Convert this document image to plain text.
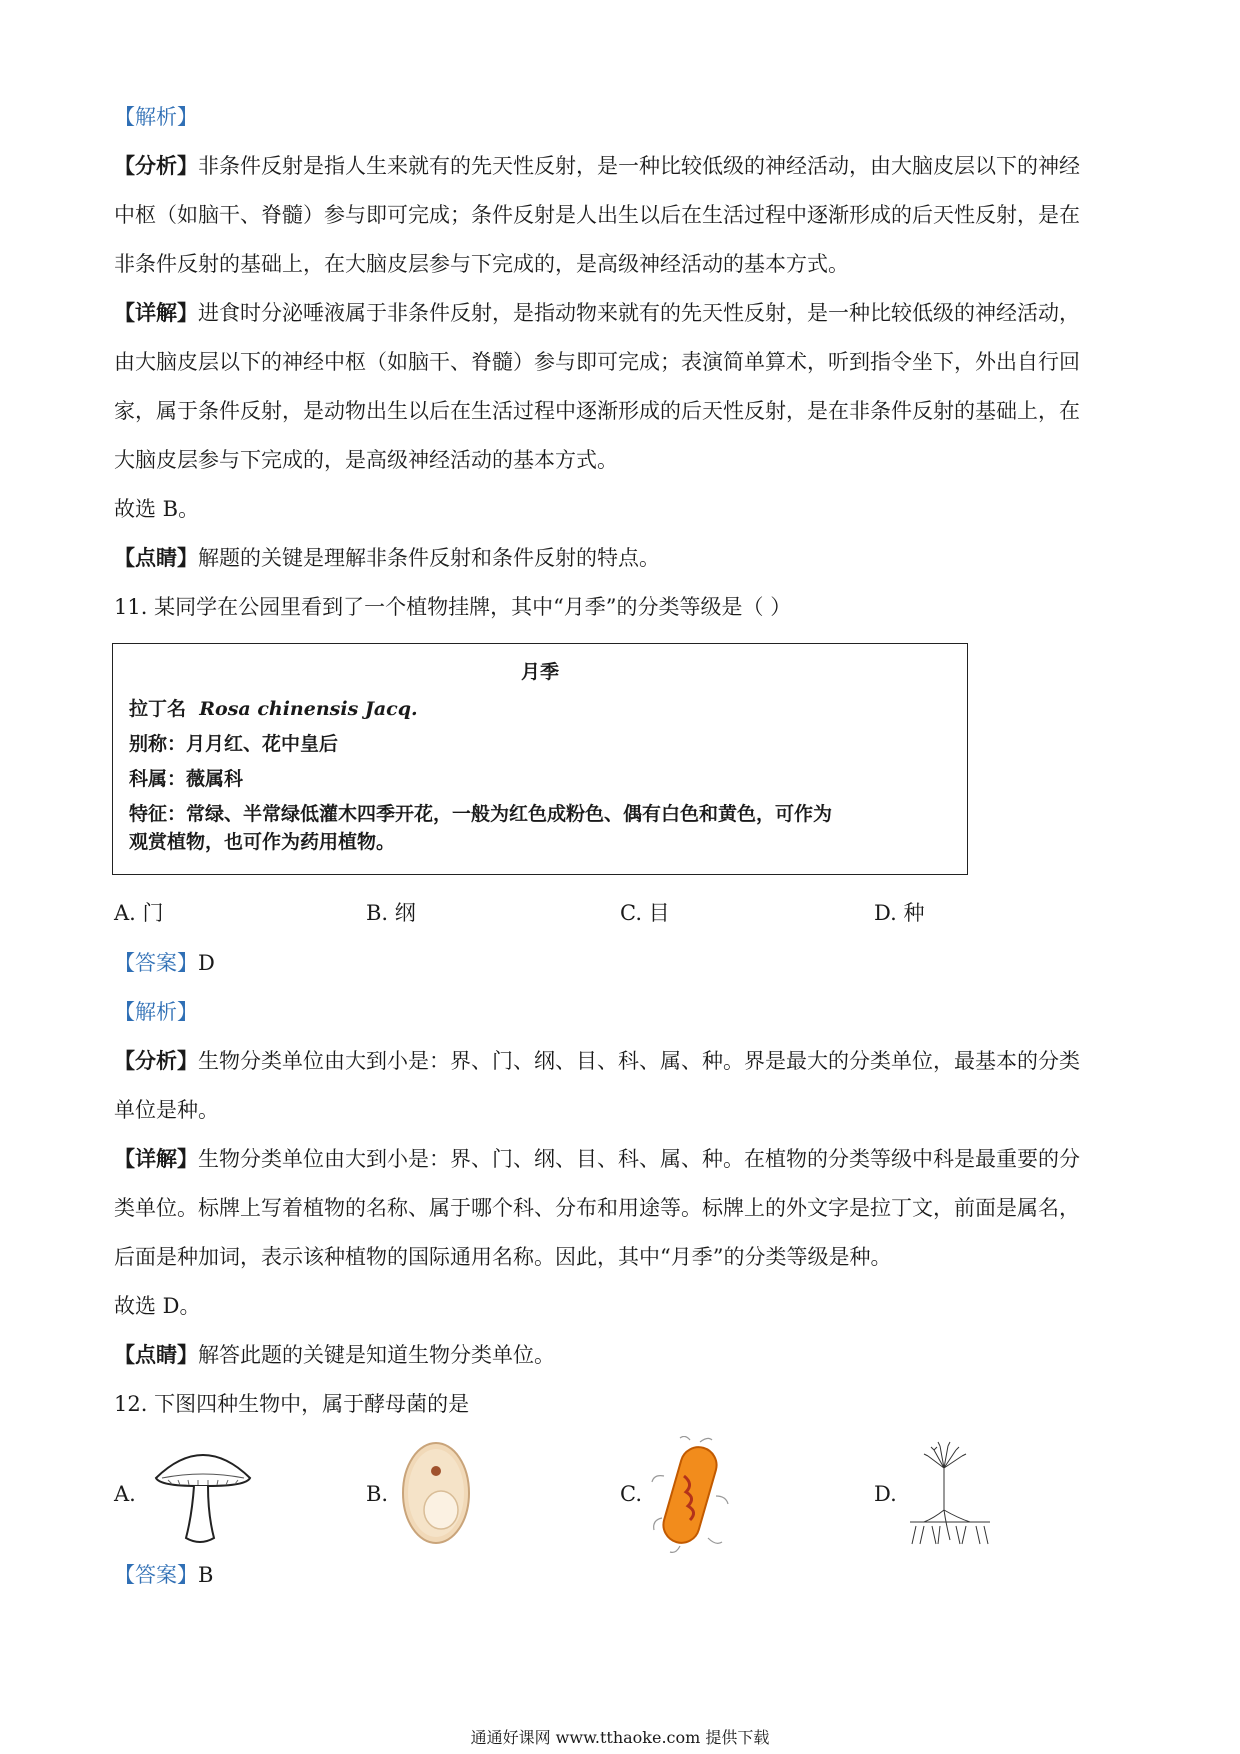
【解析】
【分析】非条件反射是指人生来就有的先天性反射，是一种比较低级的神经活动，由大脑皮层以下的神经
中枢（如脑干、脊髓）参与即可完成；条件反射是人出生以后在生活过程中逐渐形成的后天性反射，是在
非条件反射的基础上，在大脑皮层参与下完成的，是高级神经活动的基本方式。
【详解】进食时分泌唾液属于非条件反射，是指动物来就有的先天性反射，是一种比较低级的神经活动，
由大脑皮层以下的神经中枢（如脑干、脊髓）参与即可完成；表演简单算术，听到指令坐下，外出自行回
家，属于条件反射，是动物出生以后在生活过程中逐渐形成的后天性反射，是在非条件反射的基础上，在
大脑皮层参与下完成的，是高级神经活动的基本方式。
故选 B。
【点睛】解题的关键是理解非条件反射和条件反射的特点。
11. 某同学在公园里看到了一个植物挂牌，其中“月季”的分类等级是（ ）
月季
拉丁名 Rosa chinensis Jacq.
别称：月月红、花中皇后
科属：薇属科
特征：常绿、半常绿低灌木四季开花，一般为红色成粉色、偶有白色和黄色，可作为
观赏植物，也可作为药用植物。
A. 门	B. 纲	C. 目	D. 种
【答案】D
【解析】
【分析】生物分类单位由大到小是：界、门、纲、目、科、属、种。界是最大的分类单位，最基本的分类
单位是种。
【详解】生物分类单位由大到小是：界、门、纲、目、科、属、种。在植物的分类等级中科是最重要的分
类单位。标牌上写着植物的名称、属于哪个科、分布和用途等。标牌上的外文字是拉丁文，前面是属名，
后面是种加词，表示该种植物的国际通用名称。因此，其中“月季”的分类等级是种。
故选 D。
【点睛】解答此题的关键是知道生物分类单位。
12. 下图四种生物中，属于酵母菌的是
A.	B.	C.	D.
【答案】B
通通好课网 www.tthaoke.com 提供下载
